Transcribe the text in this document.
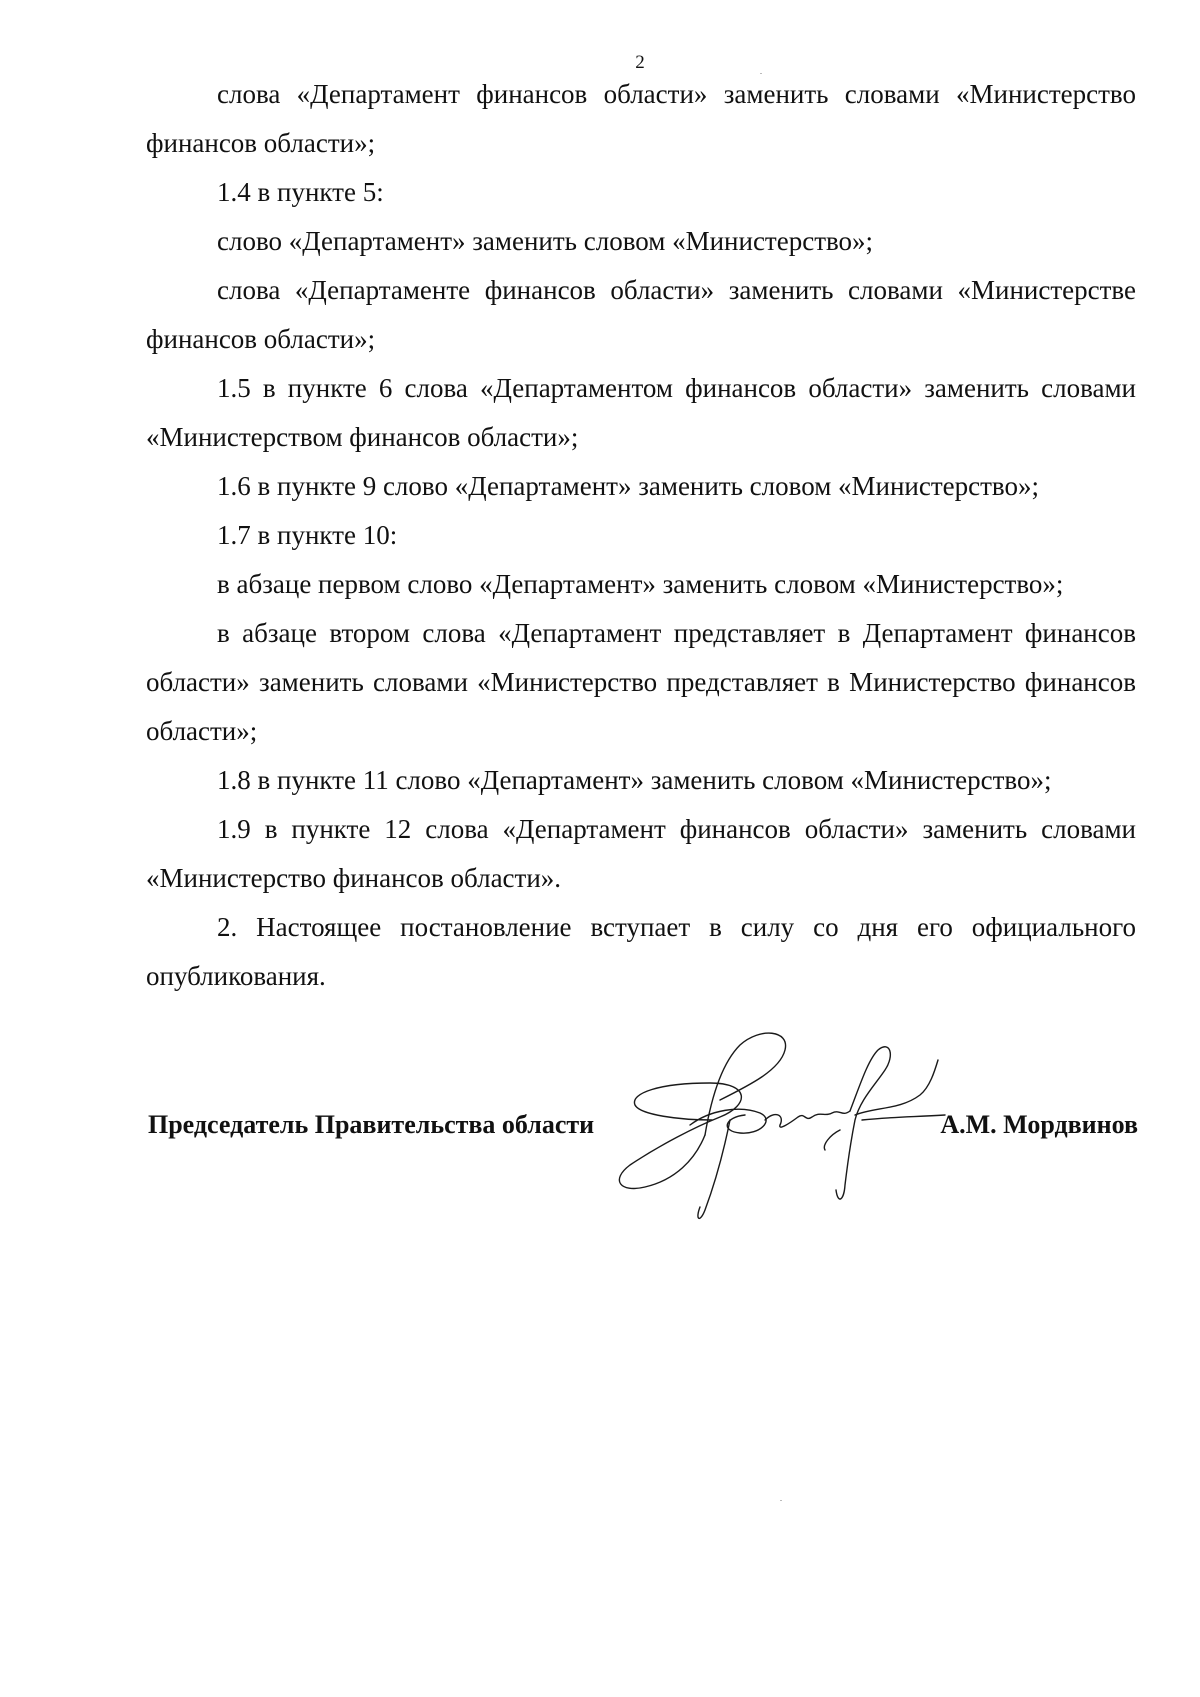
2

слова «Департамент финансов области» заменить словами «Министерство финансов области»;

1.4 в пункте 5:

слово «Департамент» заменить словом «Министерство»;

слова «Департаменте финансов области» заменить словами «Министерстве финансов области»;

1.5 в пункте 6 слова «Департаментом финансов области» заменить словами «Министерством финансов области»;

1.6 в пункте 9 слово «Департамент» заменить словом «Министерство»;

1.7 в пункте 10:

в абзаце первом слово «Департамент» заменить словом «Министерство»;

в абзаце втором слова «Департамент представляет в Департамент финансов области» заменить словами «Министерство представляет в Министерство финансов области»;

1.8 в пункте 11 слово «Департамент» заменить словом «Министерство»;

1.9 в пункте 12 слова «Департамент финансов области» заменить словами «Министерство финансов области».

2. Настоящее постановление вступает в силу со дня его официального опубликования.

Председатель Правительства области	А.М. Мордвинов
